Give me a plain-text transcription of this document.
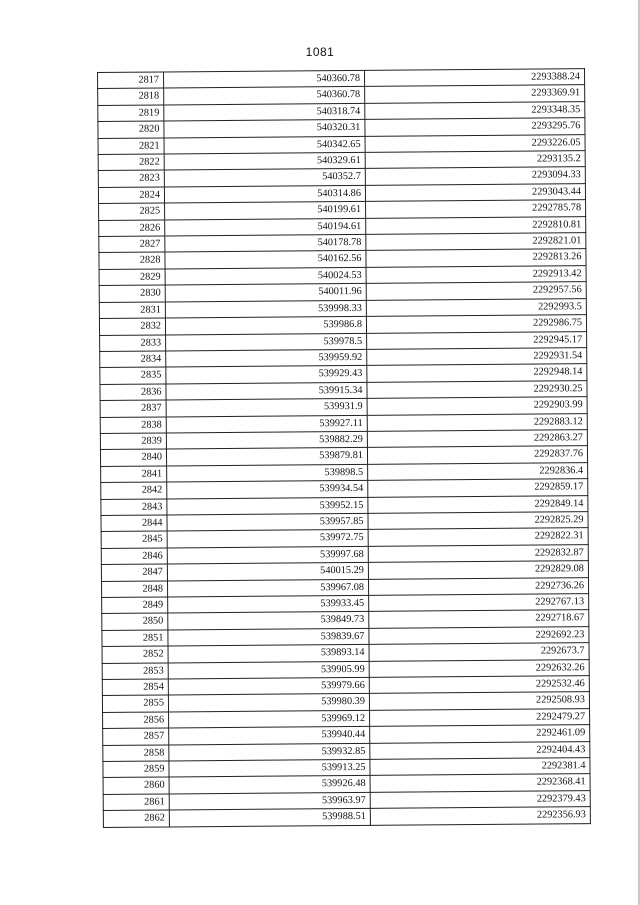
1081
2817	540360.78	2293388.24
2818	540360.78	2293369.91
2819	540318.74	2293348.35
2820	540320.31	2293295.76
2821	540342.65	2293226.05
2822	540329.61	2293135.2
2823	540352.7	2293094.33
2824	540314.86	2293043.44
2825	540199.61	2292785.78
2826	540194.61	2292810.81
2827	540178.78	2292821.01
2828	540162.56	2292813.26
2829	540024.53	2292913.42
2830	540011.96	2292957.56
2831	539998.33	2292993.5
2832	539986.8	2292986.75
2833	539978.5	2292945.17
2834	539959.92	2292931.54
2835	539929.43	2292948.14
2836	539915.34	2292930.25
2837	539931.9	2292903.99
2838	539927.11	2292883.12
2839	539882.29	2292863.27
2840	539879.81	2292837.76
2841	539898.5	2292836.4
2842	539934.54	2292859.17
2843	539952.15	2292849.14
2844	539957.85	2292825.29
2845	539972.75	2292822.31
2846	539997.68	2292832.87
2847	540015.29	2292829.08
2848	539967.08	2292736.26
2849	539933.45	2292767.13
2850	539849.73	2292718.67
2851	539839.67	2292692.23
2852	539893.14	2292673.7
2853	539905.99	2292632.26
2854	539979.66	2292532.46
2855	539980.39	2292508.93
2856	539969.12	2292479.27
2857	539940.44	2292461.09
2858	539932.85	2292404.43
2859	539913.25	2292381.4
2860	539926.48	2292368.41
2861	539963.97	2292379.43
2862	539988.51	2292356.93
